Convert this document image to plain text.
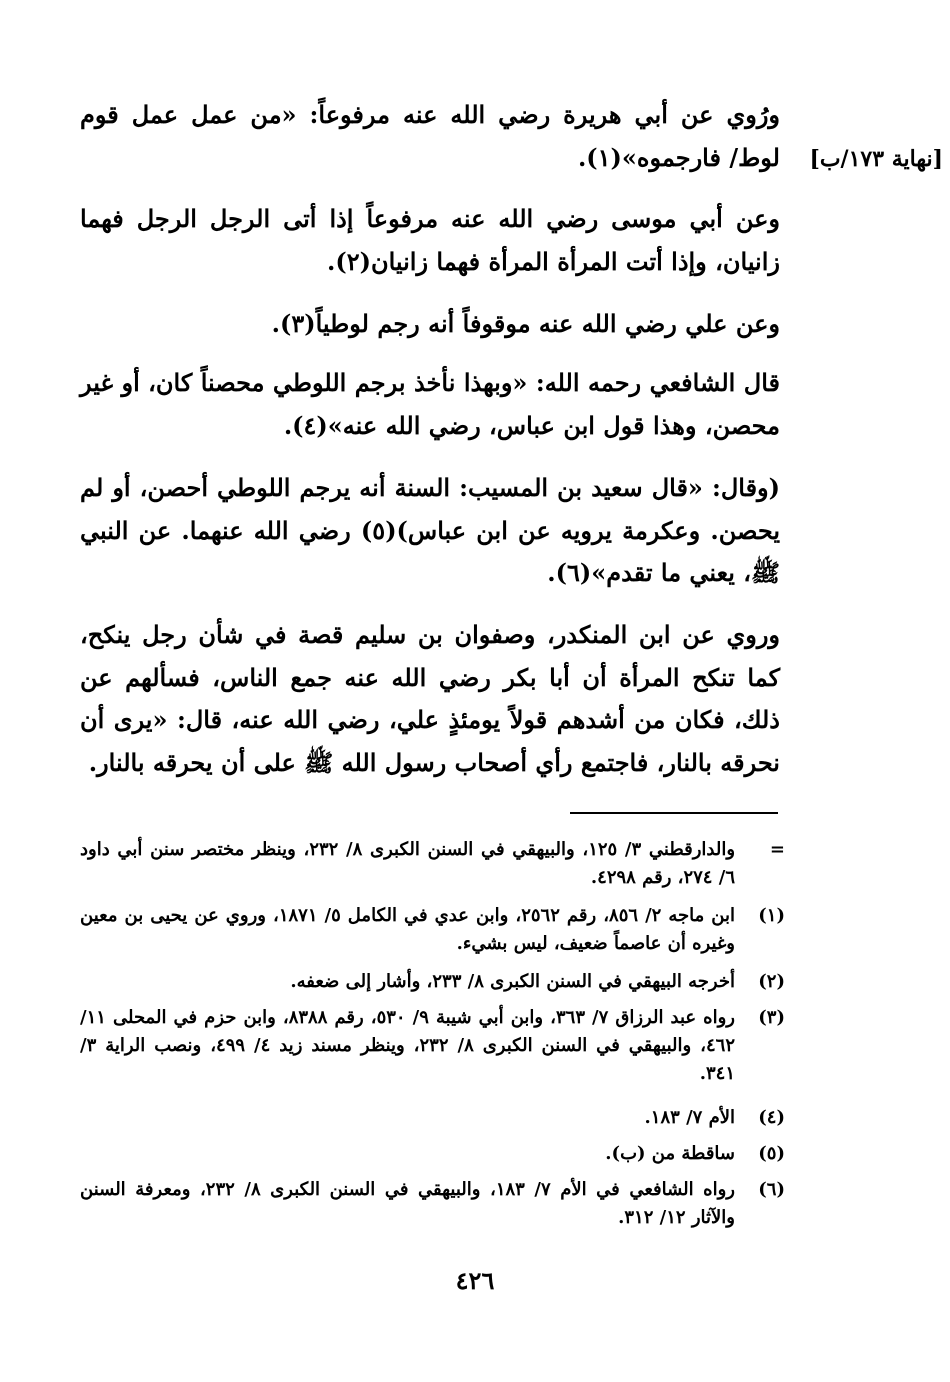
[نهاية ١٧٣/ب]

ورُوي عن أبي هريرة رضي الله عنه مرفوعاً: «من عمل عمل قوم لوط/ فارجموه»(١).

وعن أبي موسى رضي الله عنه مرفوعاً إذا أتى الرجل الرجل فهما زانيان، وإذا أتت المرأة المرأة فهما زانيان(٢).

وعن علي رضي الله عنه موقوفاً أنه رجم لوطياً(٣).

قال الشافعي رحمه الله: «وبهذا نأخذ برجم اللوطي محصناً كان، أو غير محصن، وهذا قول ابن عباس، رضي الله عنه»(٤).

(وقال: «قال سعيد بن المسيب: السنة أنه يرجم اللوطي أحصن، أو لم يحصن. وعكرمة يرويه عن ابن عباس)(٥) رضي الله عنهما. عن النبي ﷺ، يعني ما تقدم»(٦).

وروي عن ابن المنكدر، وصفوان بن سليم قصة في شأن رجل ينكح، كما تنكح المرأة أن أبا بكر رضي الله عنه جمع الناس، فسألهم عن ذلك، فكان من أشدهم قولاً يومئذٍ علي، رضي الله عنه، قال: «يرى أن نحرقه بالنار، فاجتمع رأي أصحاب رسول الله ﷺ على أن يحرقه بالنار.

=
والدارقطني ٣/ ١٢٥، والبيهقي في السنن الكبرى ٨/ ٢٣٢، وينظر مختصر سنن أبي داود ٦/ ٢٧٤، رقم ٤٢٩٨.
(١)
ابن ماجه ٢/ ٨٥٦، رقم ٢٥٦٢، وابن عدي في الكامل ٥/ ١٨٧١، وروي عن يحيى بن معين وغيره أن عاصماً ضعيف، ليس بشيء.
(٢)
أخرجه البيهقي في السنن الكبرى ٨/ ٢٣٣، وأشار إلى ضعفه.
(٣)
رواه عبد الرزاق ٧/ ٣٦٣، وابن أبي شيبة ٩/ ٥٣٠، رقم ٨٣٨٨، وابن حزم في المحلى ١١/ ٤٦٢، والبيهقي في السنن الكبرى ٨/ ٢٣٢، وينظر مسند زيد ٤/ ٤٩٩، ونصب الراية ٣/ ٣٤١.
(٤)
الأم ٧/ ١٨٣.
(٥)
ساقطة من (ب).
(٦)
رواه الشافعي في الأم ٧/ ١٨٣، والبيهقي في السنن الكبرى ٨/ ٢٣٢، ومعرفة السنن والآثار ١٢/ ٣١٢.
٤٢٦
